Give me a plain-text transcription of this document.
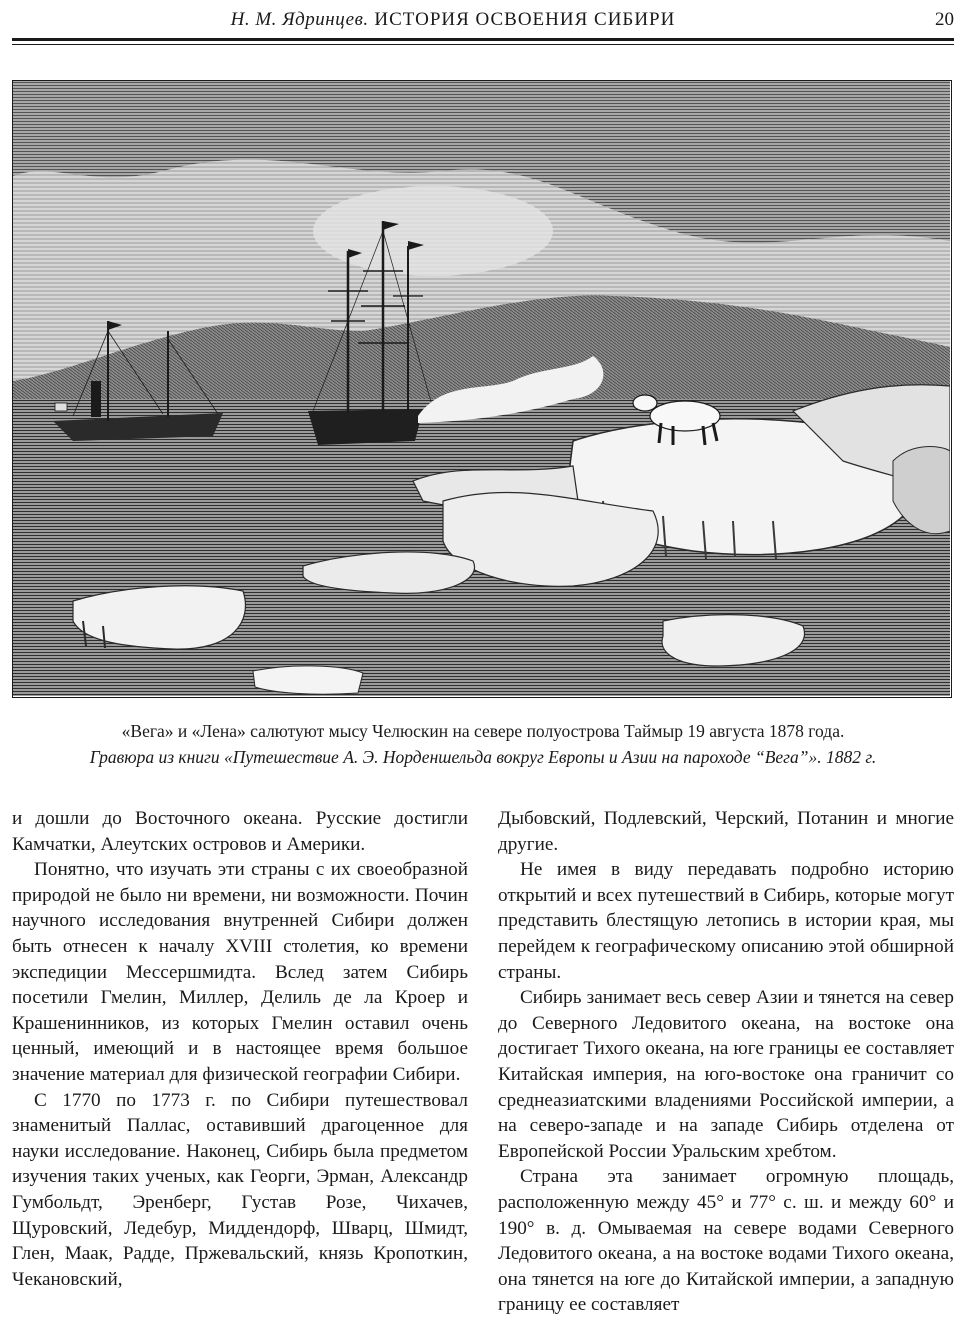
Н. М. Ядринцев. ИСТОРИЯ ОСВОЕНИЯ СИБИРИ	20
«Вега» и «Лена» салютуют мысу Челюскин на севере полуострова Таймыр 19 августа 1878 года.
Гравюра из книги «Путешествие А. Э. Норденшельда вокруг Европы и Азии на пароходе “Вега”». 1882 г.

и дошли до Восточного океана. Русские достигли Камчатки, Алеутских островов и Америки.

Понятно, что изучать эти страны с их своеобразной природой не было ни времени, ни возможности. Почин научного исследования внутренней Сибири должен быть отнесен к началу XVIII столетия, ко времени экспедиции Мессершмидта. Вслед затем Сибирь посетили Гмелин, Миллер, Делиль де ла Кроер и Крашенинников, из которых Гмелин оставил очень ценный, имеющий и в настоящее время большое значение материал для физической географии Сибири.

С 1770 по 1773 г. по Сибири путешествовал знаменитый Паллас, оставивший драгоценное для науки исследование. Наконец, Сибирь была предметом изучения таких ученых, как Георги, Эрман, Александр Гумбольдт, Эренберг, Густав Розе, Чихачев, Щуровский, Ледебур, Миддендорф, Шварц, Шмидт, Глен, Маак, Радде, Пржевальский, князь Кропоткин, Чекановский,

Дыбовский, Подлевский, Черский, Потанин и многие другие.

Не имея в виду передавать подробно историю открытий и всех путешествий в Сибирь, которые могут представить блестящую летопись в истории края, мы перейдем к географическому описанию этой обширной страны.

Сибирь занимает весь север Азии и тянется на север до Северного Ледовитого океана, на востоке она достигает Тихого океана, на юге границы ее составляет Китайская империя, на юго-востоке она граничит со среднеазиатскими владениями Российской империи, а на северо-западе и на западе Сибирь отделена от Европейской России Уральским хребтом.

Страна эта занимает огромную площадь, расположенную между 45° и 77° с. ш. и между 60° и 190° в. д. Омываемая на севере водами Северного Ледовитого океана, а на востоке водами Тихого океана, она тянется на юге до Китайской империи, а западную границу ее составляет
